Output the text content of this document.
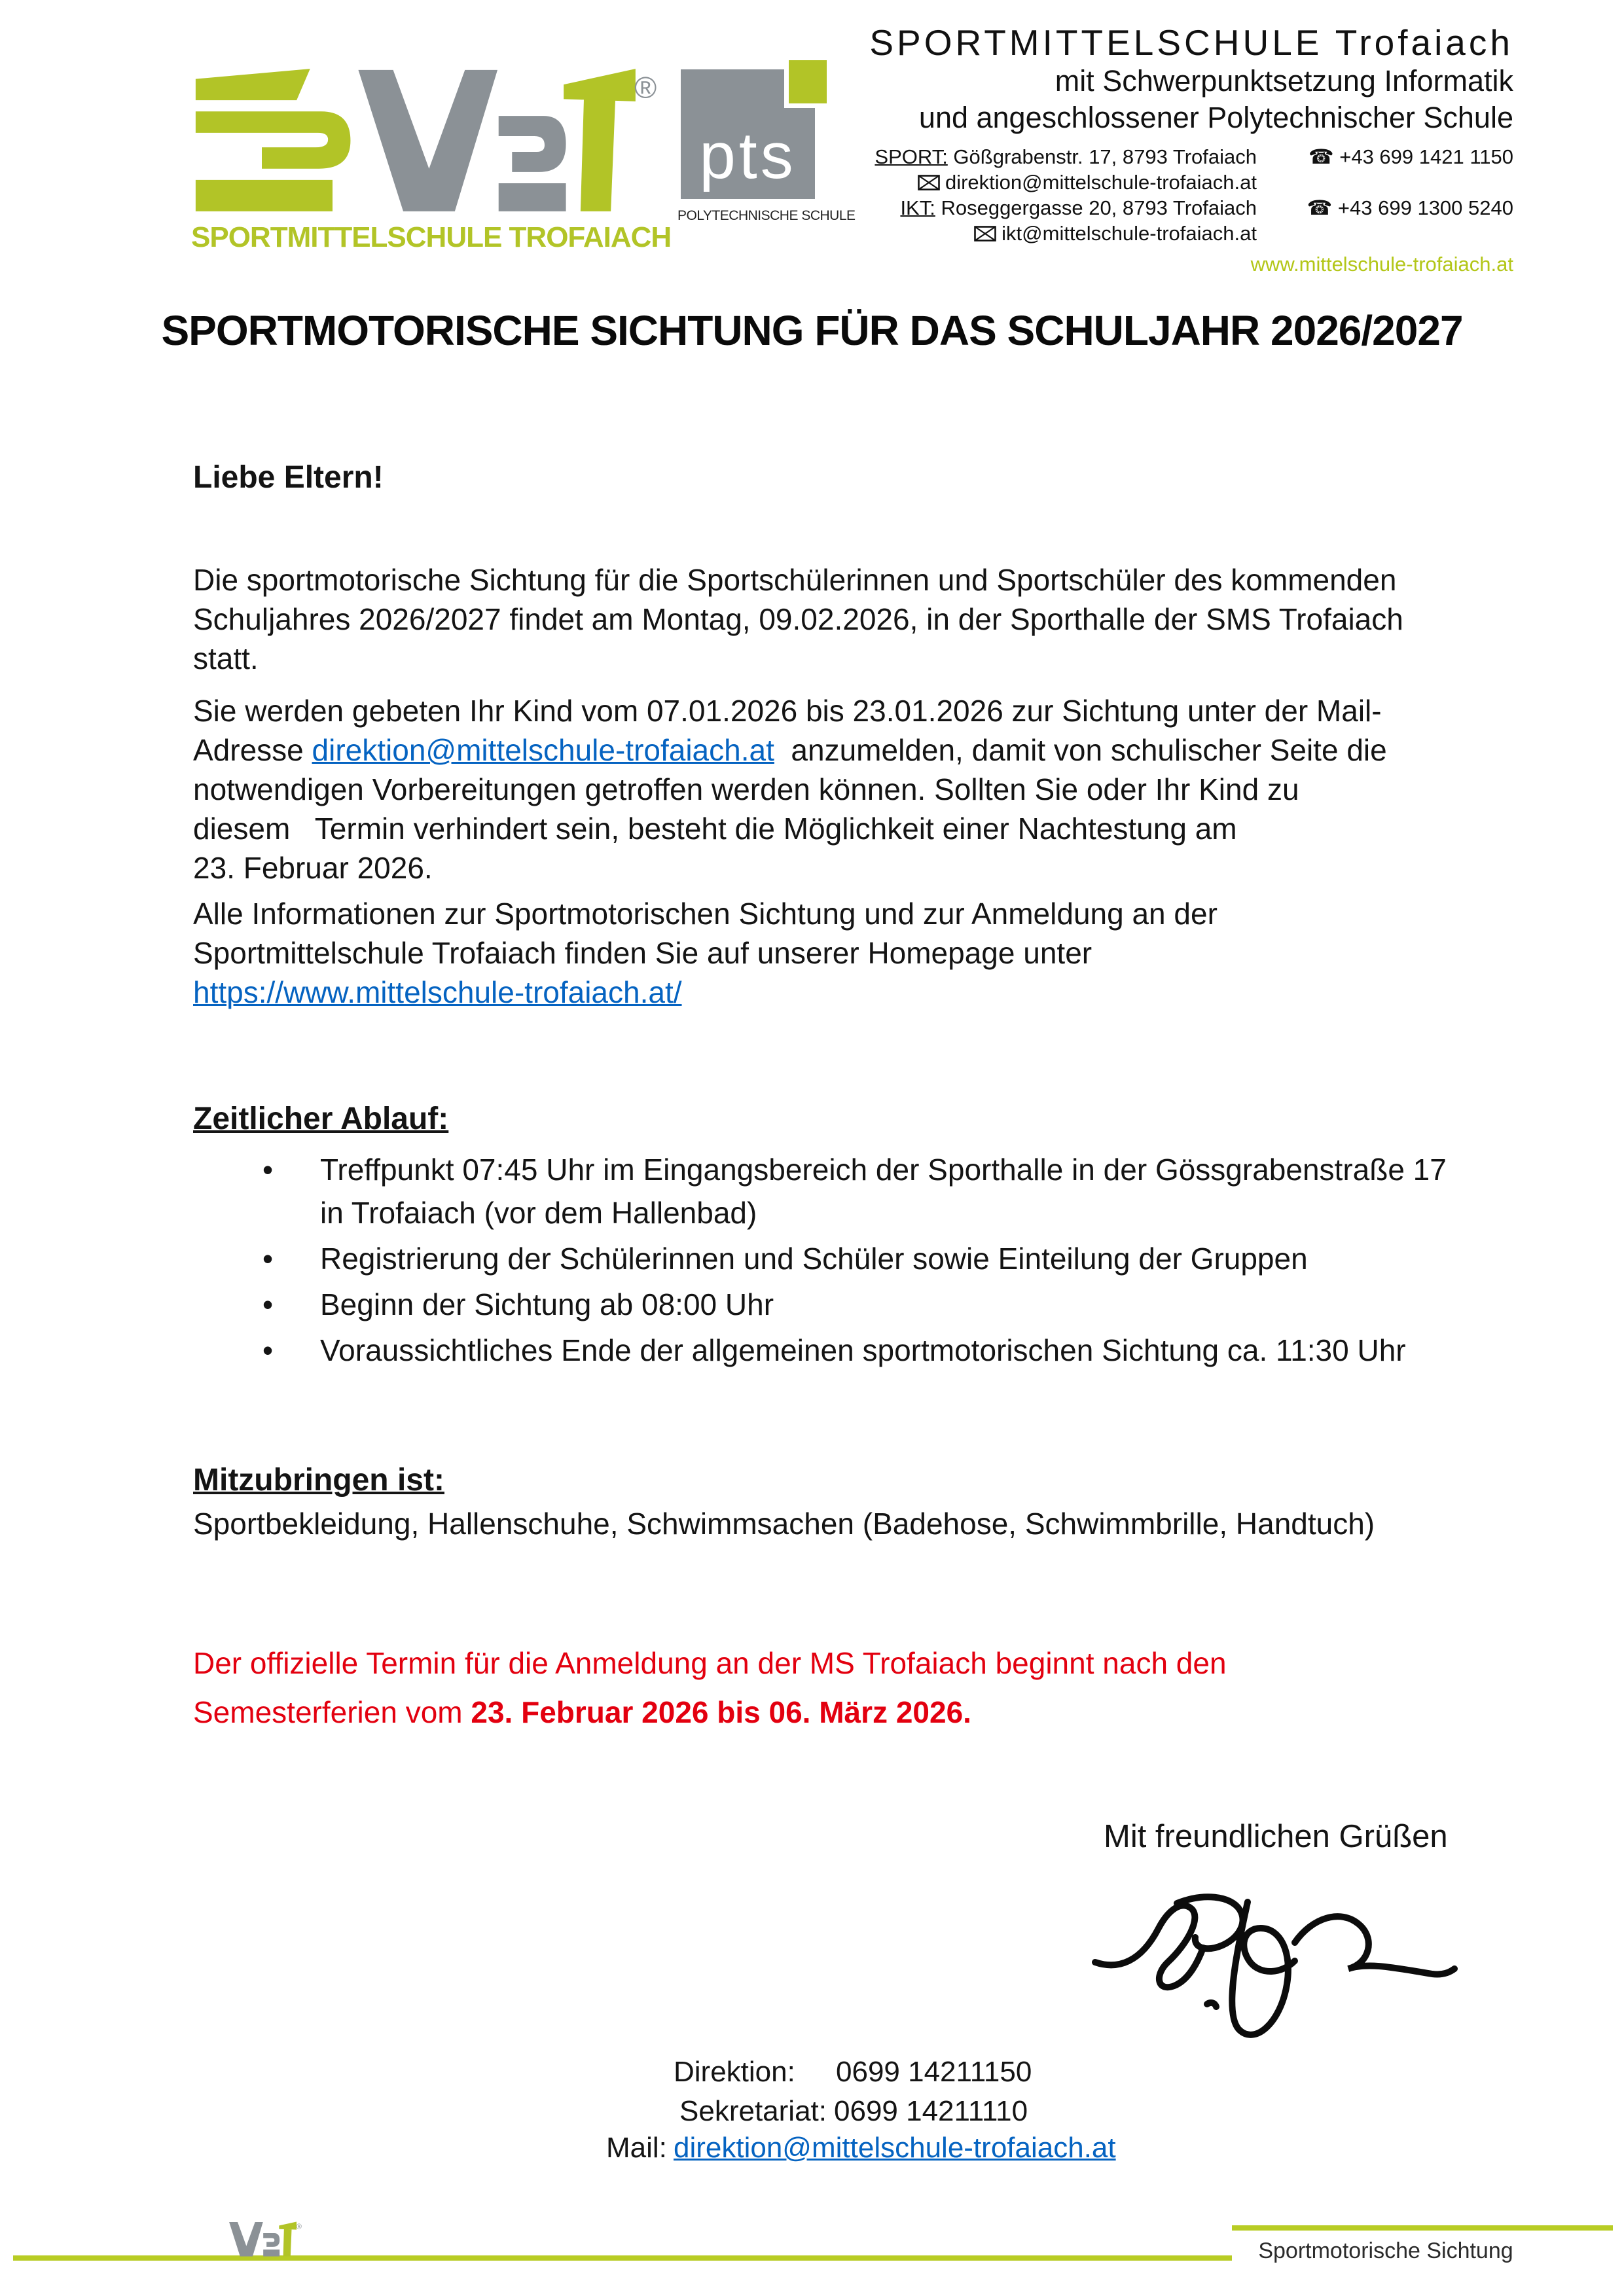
®
SPORTMITTELSCHULE TROFAIACH
pts
POLYTECHNISCHE SCHULE
SPORTMITTELSCHULE Trofaiach
mit Schwerpunktsetzung Informatik
und angeschlossener Polytechnischer Schule
SPORT: Gößgrabenstr. 17, 8793 Trofaiach	☎ +43 699 1421 1150
direktion@mittelschule-trofaiach.at

IKT: Roseggergasse 20, 8793 Trofaiach	☎ +43 699 1300 5240
ikt@mittelschule-trofaiach.at

www.mittelschule-trofaiach.at
SPORTMOTORISCHE SICHTUNG FÜR DAS SCHULJAHR 2026/2027
Liebe Eltern!
Die sportmotorische Sichtung für die Sportschülerinnen und Sportschüler des kommenden
Schuljahres 2026/2027 findet am Montag, 09.02.2026, in der Sporthalle der SMS Trofaiach
statt.
Sie werden gebeten Ihr Kind vom 07.01.2026 bis 23.01.2026 zur Sichtung unter der Mail-
Adresse direktion@mittelschule-trofaiach.at  anzumelden, damit von schulischer Seite die
notwendigen Vorbereitungen getroffen werden können. Sollten Sie oder Ihr Kind zu
diesem   Termin verhindert sein, besteht die Möglichkeit einer Nachtestung am
23. Februar 2026.
Alle Informationen zur Sportmotorischen Sichtung und zur Anmeldung an der
Sportmittelschule Trofaiach finden Sie auf unserer Homepage unter
https://www.mittelschule-trofaiach.at/
Zeitlicher Ablauf:
• Treffpunkt 07:45 Uhr im Eingangsbereich der Sporthalle in der Gössgrabenstraße 17
in Trofaiach (vor dem Hallenbad)
• Registrierung der Schülerinnen und Schüler sowie Einteilung der Gruppen
• Beginn der Sichtung ab 08:00 Uhr
• Voraussichtliches Ende der allgemeinen sportmotorischen Sichtung ca. 11:30 Uhr
Mitzubringen ist:
Sportbekleidung, Hallenschuhe, Schwimmsachen (Badehose, Schwimmbrille, Handtuch)
Der offizielle Termin für die Anmeldung an der MS Trofaiach beginnt nach den
Semesterferien vom 23. Februar 2026 bis 06. März 2026.
Mit freundlichen Grüßen
Direktion: 0699 14211150
Sekretariat: 0699 14211110
Mail: direktion@mittelschule-trofaiach.at
Sportmotorische Sichtung
®
